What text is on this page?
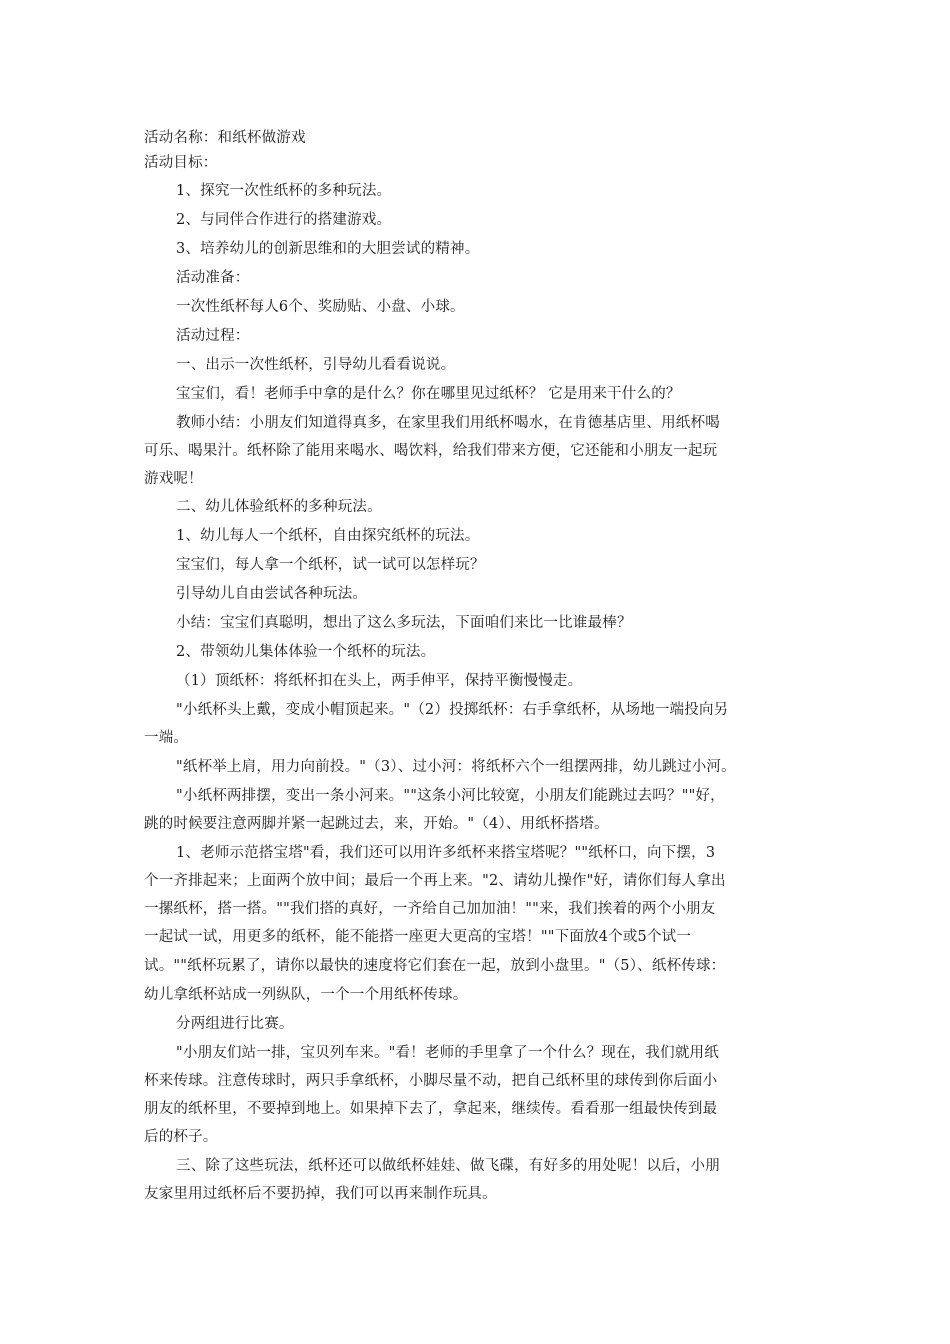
活动名称：和纸杯做游戏
活动目标：
1、探究一次性纸杯的多种玩法。
2、与同伴合作进行的搭建游戏。
3、培养幼儿的创新思维和的大胆尝试的精神。
活动准备：
一次性纸杯每人6个、奖励贴、小盘、小球。
活动过程：
一、出示一次性纸杯，引导幼儿看看说说。
宝宝们，看！老师手中拿的是什么？你在哪里见过纸杯？ 它是用来干什么的？
教师小结：小朋友们知道得真多，在家里我们用纸杯喝水，在肯德基店里、用纸杯喝
可乐、喝果汁。纸杯除了能用来喝水、喝饮料，给我们带来方便，它还能和小朋友一起玩
游戏呢！
二、幼儿体验纸杯的多种玩法。
1、幼儿每人一个纸杯，自由探究纸杯的玩法。
宝宝们，每人拿一个纸杯，试一试可以怎样玩？
引导幼儿自由尝试各种玩法。
小结：宝宝们真聪明，想出了这么多玩法，下面咱们来比一比谁最棒？
2、带领幼儿集体体验一个纸杯的玩法。
（1）顶纸杯：将纸杯扣在头上，两手伸平，保持平衡慢慢走。
"小纸杯头上戴，变成小帽顶起来。"（2）投掷纸杯：右手拿纸杯，从场地一端投向另
一端。
"纸杯举上肩，用力向前投。"（3）、过小河：将纸杯六个一组摆两排，幼儿跳过小河。
"小纸杯两排摆，变出一条小河来。""这条小河比较宽，小朋友们能跳过去吗？""好，
跳的时候要注意两脚并紧一起跳过去，来，开始。"（4）、用纸杯搭塔。
1、老师示范搭宝塔"看，我们还可以用许多纸杯来搭宝塔呢？""纸杯口，向下摆，3
个一齐排起来；上面两个放中间；最后一个再上来。"2、请幼儿操作"好，请你们每人拿出
一摞纸杯，搭一搭。""我们搭的真好，一齐给自己加加油！""来，我们挨着的两个小朋友
一起试一试，用更多的纸杯，能不能搭一座更大更高的宝塔！""下面放4个或5个试一
试。""纸杯玩累了，请你以最快的速度将它们套在一起，放到小盘里。"（5）、纸杯传球：
幼儿拿纸杯站成一列纵队，一个一个用纸杯传球。
分两组进行比赛。
"小朋友们站一排，宝贝列车来。"看！老师的手里拿了一个什么？现在，我们就用纸
杯来传球。注意传球时，两只手拿纸杯，小脚尽量不动，把自己纸杯里的球传到你后面小
朋友的纸杯里，不要掉到地上。如果掉下去了，拿起来，继续传。看看那一组最快传到最
后的杯子。
三、除了这些玩法，纸杯还可以做纸杯娃娃、做飞碟，有好多的用处呢！以后，小朋
友家里用过纸杯后不要扔掉，我们可以再来制作玩具。
